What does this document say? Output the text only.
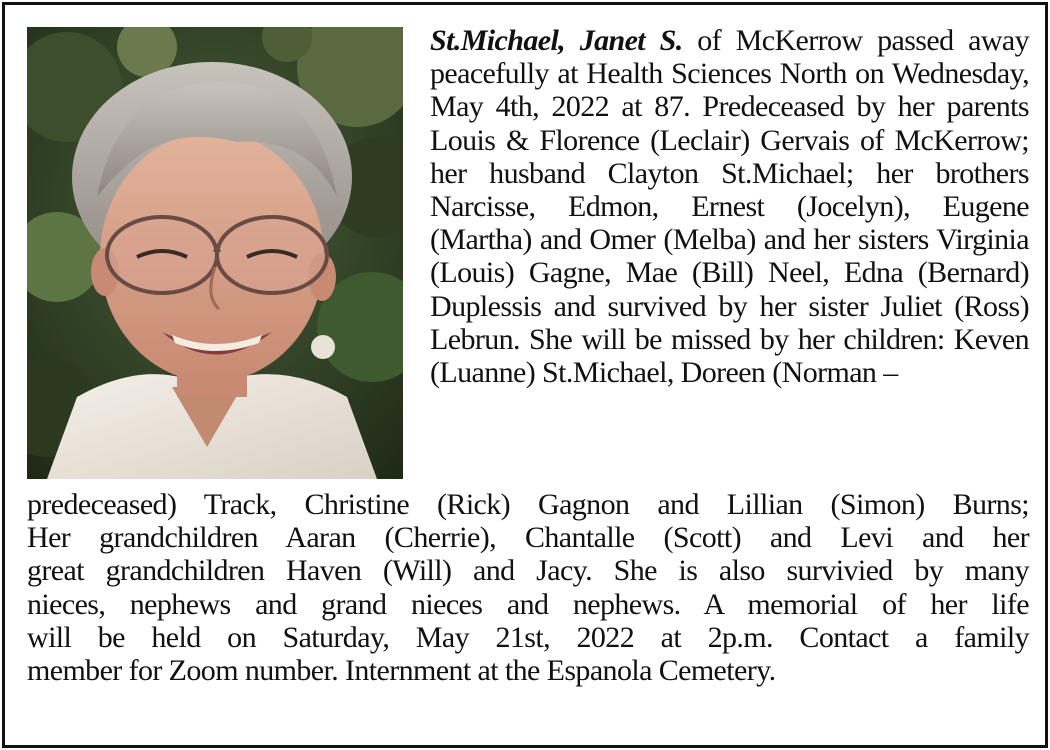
St.Michael, Janet S. of McKerrow passed away peacefully at Health Sciences North on Wednesday, May 4th, 2022 at 87. Predeceased by her parents Louis & Florence (Leclair) Gervais of McKerrow; her husband Clayton St.Michael; her brothers Narcisse, Edmon, Ernest (Jocelyn), Eugene (Martha) and Omer (Melba) and her sisters Virginia (Louis) Gagne, Mae (Bill) Neel, Edna (Bernard) Duplessis and survived by her sister Juliet (Ross) Lebrun. She will be missed by her children: Keven (Luanne) St.Michael, Doreen (Norman –
predeceased) Track, Christine (Rick) Gagnon and Lillian (Simon) Burns;
Her grandchildren Aaran (Cherrie), Chantalle (Scott) and Levi and her
great grandchildren Haven (Will) and Jacy. She is also survivied by many
nieces, nephews and grand nieces and nephews. A memorial of her life
will be held on Saturday, May 21st, 2022 at 2p.m. Contact a family
member for Zoom number. Internment at the Espanola Cemetery.
